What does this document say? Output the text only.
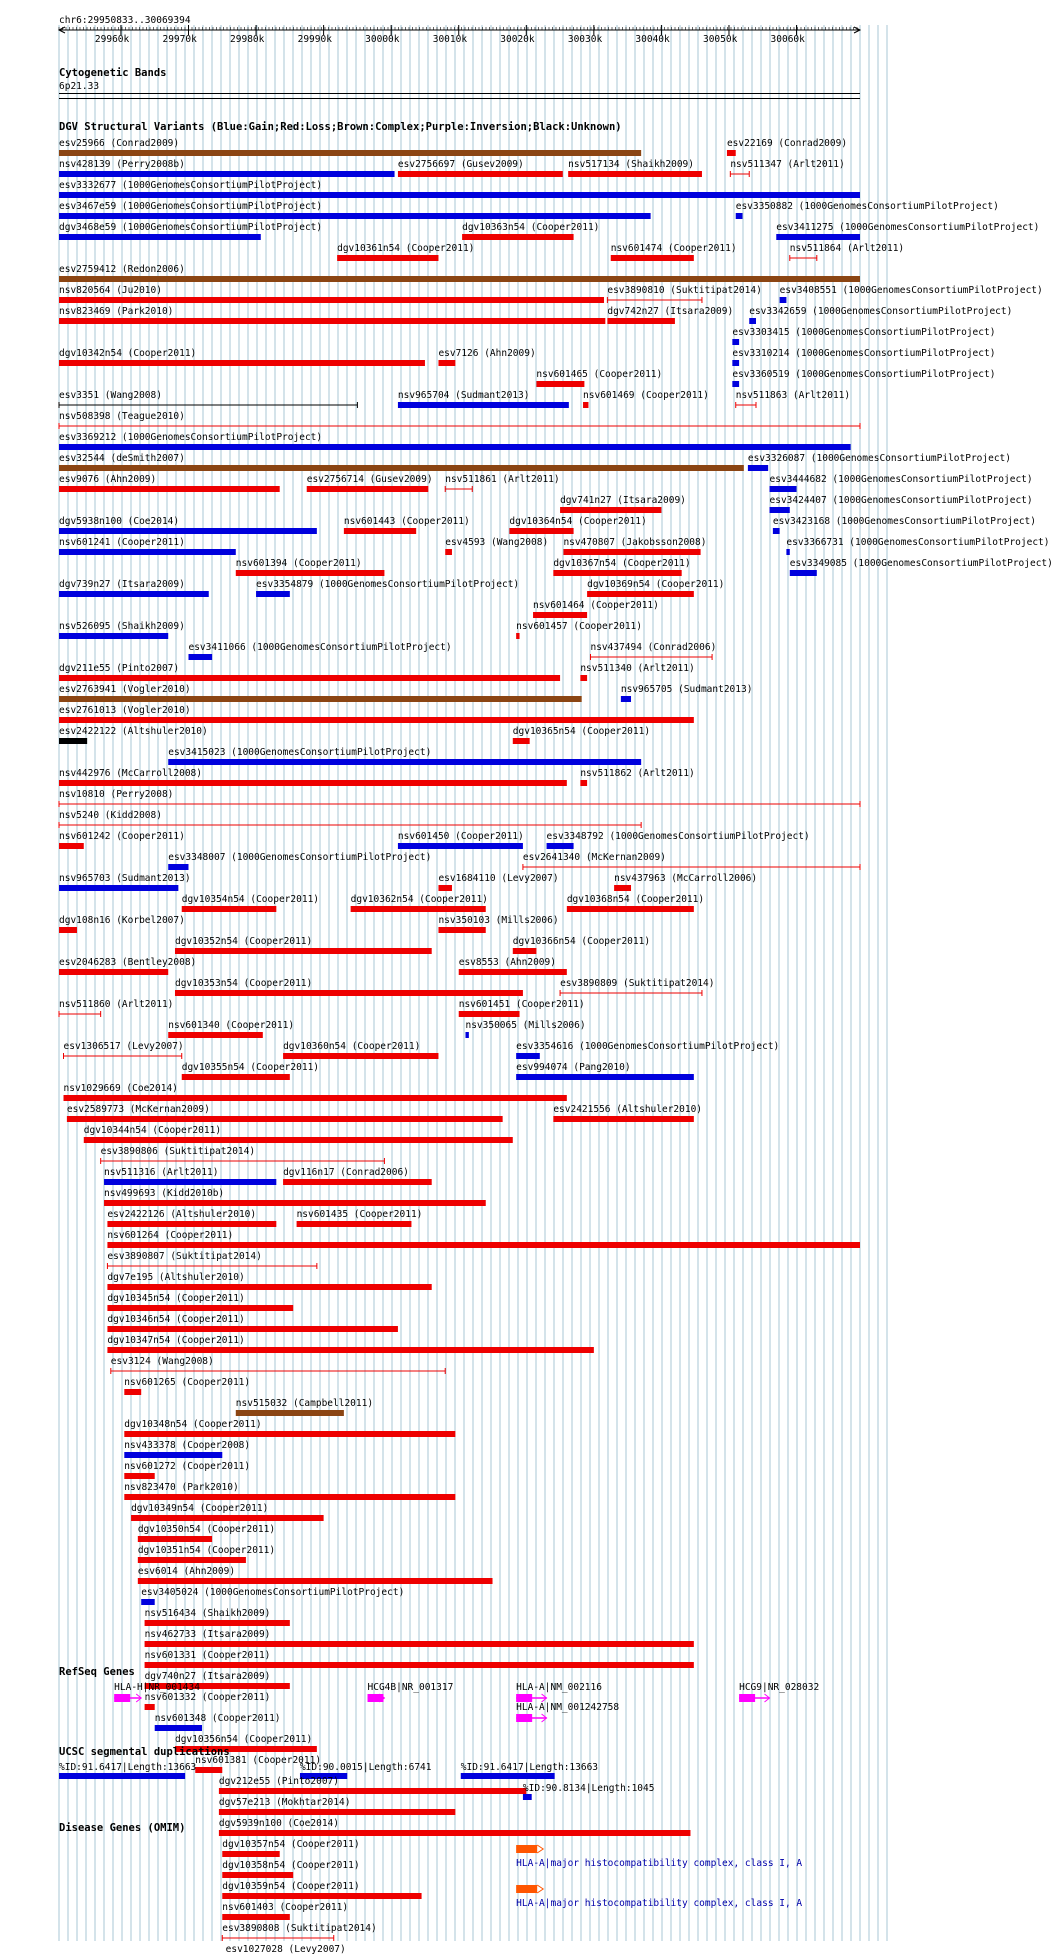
chr6:29950833..30069394
Cytogenetic Bands
6p21.33
DGV Structural Variants (Blue:Gain;Red:Loss;Brown:Complex;Purple:Inversion;Black:Unknown)
RefSeq Genes
UCSC segmental duplications
Disease Genes (OMIM)
29960k	29970k	29980k	29990k	30000k	30010k	30020k	30030k	30040k	30050k	30060k
esv25966 (Conrad2009)	esv22169 (Conrad2009)
nsv428139 (Perry2008b)	esv2756697 (Gusev2009)	nsv517134 (Shaikh2009)	nsv511347 (Arlt2011)
esv3332677 (1000GenomesConsortiumPilotProject)
esv3467e59 (1000GenomesConsortiumPilotProject)	esv3350882 (1000GenomesConsortiumPilotProject)
dgv3468e59 (1000GenomesConsortiumPilotProject)
dgv10361n54 (Cooper2011)
dgv10363n54 (Cooper2011)
nsv601474 (Cooper2011)
esv3411275 (1000GenomesConsortiumPilotProject)
esv2759412 (Redon2006)
nsv820564 (Ju2010)	esv3890810 (Suktitipat2014)
nsv511864 (Arlt2011)
nsv823469 (Park2010)	dgv742n27 (Itsara2009)
esv3303415 (1000GenomesConsortiumPilotProject)
dgv10342n54 (Cooper2011)	esv7126 (Ahn2009)
nsv601465 (Cooper2011)
esv3310214 (1000GenomesConsortiumPilotProject)
esv3351 (Wang2008)	nsv965704 (Sudmant2013)	nsv601469 (Cooper2011)
esv3360519 (1000GenomesConsortiumPilotProject)
nsv508398 (Teague2010)
esv3369212 (1000GenomesConsortiumPilotProject)
esv32544 (deSmith2007)
esv3342659 (1000GenomesConsortiumPilotProject)
esv9076 (Ahn2009)	esv2756714 (Gusev2009) nsv511861 (Arlt2011)
dgv741n27 (Itsara2009)
nsv511863 (Arlt2011)
dgv5938n100 (Coe2014)	nsv601443 (Cooper2011)	dgv10364n54 (Cooper2011)
esv3326087 (1000GenomesConsortiumPilotProject)
nsv601241 (Cooper2011)
nsv601394 (Cooper2011)
esv4593 (Wang2008)
dgv10367n54 (Cooper2011)
esv3444682 (1000GenomesConsortiumPilotProject)
dgv739n27 (Itsara2009)	esv3354879 (1000GenomesConsortiumPilotProject)
nsv601464 (Cooper2011)
esv3424407 (1000GenomesConsortiumPilotProject)
nsv526095 (Shaikh2009)
esv3411066 (1000GenomesConsortiumPilotProject)
nsv601457 (Cooper2011)
esv3423168 (1000GenomesConsortiumPilotProject)
dgv211e55 (Pinto2007)
nsv470807 (Jakobsson2008)
esv3408551 (1000GenomesConsortiumPilotProject)
esv2763941 (Vogler2010)
dgv10369n54 (Cooper2011)
esv3366731 (1000GenomesConsortiumPilotProject)
esv2761013 (Vogler2010)
esv3349085 (1000GenomesConsortiumPilotProject)
esv2422122 (Altshuler2010)
esv3415023 (1000GenomesConsortiumPilotProject)
nsv442976 (McCarroll2008)
nsv437494 (Conrad2006)
nsv10810 (Perry2008)
nsv5240 (Kidd2008)
nsv601242 (Cooper2011)
esv3348007 (1000GenomesConsortiumPilotProject)
dgv10365n54 (Cooper2011)
nsv965703 (Sudmant2013)
dgv10354n54 (Cooper2011)
nsv601450 (Cooper2011)
esv2641340 (McKernan2009)
dgv108n16 (Korbel2007)
dgv10352n54 (Cooper2011)
esv1684110 (Levy2007)
nsv511340 (Arlt2011)
esv2046283 (Bentley2008)
dgv10353n54 (Cooper2011)
nsv511862 (Arlt2011)
nsv511860 (Arlt2011)
nsv601340 (Cooper2011)
dgv10362n54 (Cooper2011)
esv3348792 (1000GenomesConsortiumPilotProject)
esv1306517 (Levy2007)
dgv10355n54 (Cooper2011)
nsv350103 (Mills2006)
nsv965705 (Sudmant2013)
nsv1029669 (Coe2014)
dgv10368n54 (Cooper2011)
esv2589773 (McKernan2009)
dgv10366n54 (Cooper2011)
dgv10344n54 (Cooper2011)
esv8553 (Ahn2009)
esv3890809 (Suktitipat2014)
esv3890806 (Suktitipat2014)
nsv601451 (Cooper2011)
nsv437963 (McCarroll2006)
nsv511316 (Arlt2011)
dgv10360n54 (Cooper2011)
nsv350065 (Mills2006)
nsv499693 (Kidd2010b)
esv3354616 (1000GenomesConsortiumPilotProject)
esv2422126 (Altshuler2010)
dgv116n17 (Conrad2006)
esv994074 (Pang2010)
nsv601264 (Cooper2011)
esv3890807 (Suktitipat2014)
esv2421556 (Altshuler2010)
dgv7e195 (Altshuler2010)
dgv10345n54 (Cooper2011)
nsv601435 (Cooper2011)
dgv10346n54 (Cooper2011)
dgv10347n54 (Cooper2011)
esv3124 (Wang2008)
nsv601265 (Cooper2011)
nsv515032 (Campbell2011)
dgv10348n54 (Cooper2011)
nsv433378 (Cooper2008)
nsv601272 (Cooper2011)
nsv823470 (Park2010)
dgv10349n54 (Cooper2011)
dgv10350n54 (Cooper2011)
dgv10351n54 (Cooper2011)
esv6014 (Ahn2009)
esv3405024 (1000GenomesConsortiumPilotProject)
nsv516434 (Shaikh2009)
nsv462733 (Itsara2009)
nsv601331 (Cooper2011)
dgv740n27 (Itsara2009)
nsv601332 (Cooper2011)
nsv601348 (Cooper2011)
dgv10356n54 (Cooper2011)
nsv601381 (Cooper2011)
dgv212e55 (Pinto2007)
dgv57e213 (Mokhtar2014)
dgv5939n100 (Coe2014)
dgv10357n54 (Cooper2011)
dgv10358n54 (Cooper2011)
dgv10359n54 (Cooper2011)
nsv601403 (Cooper2011)
esv3890808 (Suktitipat2014)
esv1027028 (Levy2007)
HLA-H|NR_001434	HCG4B|NR_001317	HLA-A|NM_002116
HLA-A|NM_001242758
HCG9|NR_028032
%ID:91.6417|Length:13663	%ID:90.0015|Length:6741	%ID:91.6417|Length:13663
%ID:90.8134|Length:1045
HLA-A|major histocompatibility complex, class I, A
HLA-A|major histocompatibility complex, class I, A
